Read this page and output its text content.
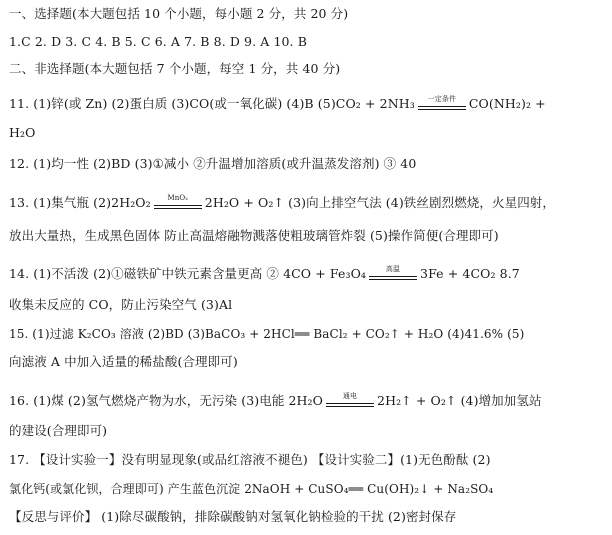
一、选择题(本大题包括 10 个小题，每小题 2 分，共 20 分)
1.C 2. D 3. C 4. B 5. C 6. A 7. B 8. D 9. A 10. B
二、非选择题(本大题包括 7 个小题，每空 1 分，共 40 分)
11. (1)锌(或 Zn) (2)蛋白质 (3)CO(或一氧化碳) (4)B (5)CO₂ + 2NH₃	一定条件	CO(NH₂)₂ +
H₂O
12. (1)均一性 (2)BD (3)①减小 ②升温增加溶质(或升温蒸发溶剂) ③ 40
13. (1)集气瓶 (2)2H₂O₂	MnO₂	2H₂O + O₂↑ (3)向上排空气法 (4)铁丝剧烈燃烧，火星四射，
放出大量热，生成黑色固体 防止高温熔融物溅落使粗玻璃管炸裂 (5)操作简便(合理即可)
14. (1)不活泼 (2)①磁铁矿中铁元素含量更高 ② 4CO + Fe₃O₄	高温	3Fe + 4CO₂ 8.7
收集未反应的 CO，防止污染空气 (3)Al
15. (1)过滤 K₂CO₃ 溶液 (2)BD (3)BaCO₃ + 2HCl══ BaCl₂ + CO₂↑ + H₂O (4)41.6% (5)
向滤液 A 中加入适量的稀盐酸(合理即可)
16. (1)煤 (2)氢气燃烧产物为水，无污染 (3)电能 2H₂O	通电	2H₂↑ + O₂↑ (4)增加加氢站
的建设(合理即可)
17. 【设计实验一】没有明显现象(或品红溶液不褪色) 【设计实验二】(1)无色酚酞 (2)
氯化钙(或氯化钡，合理即可) 产生蓝色沉淀 2NaOH + CuSO₄══ Cu(OH)₂↓ + Na₂SO₄
【反思与评价】 (1)除尽碳酸钠，排除碳酸钠对氢氧化钠检验的干扰 (2)密封保存
